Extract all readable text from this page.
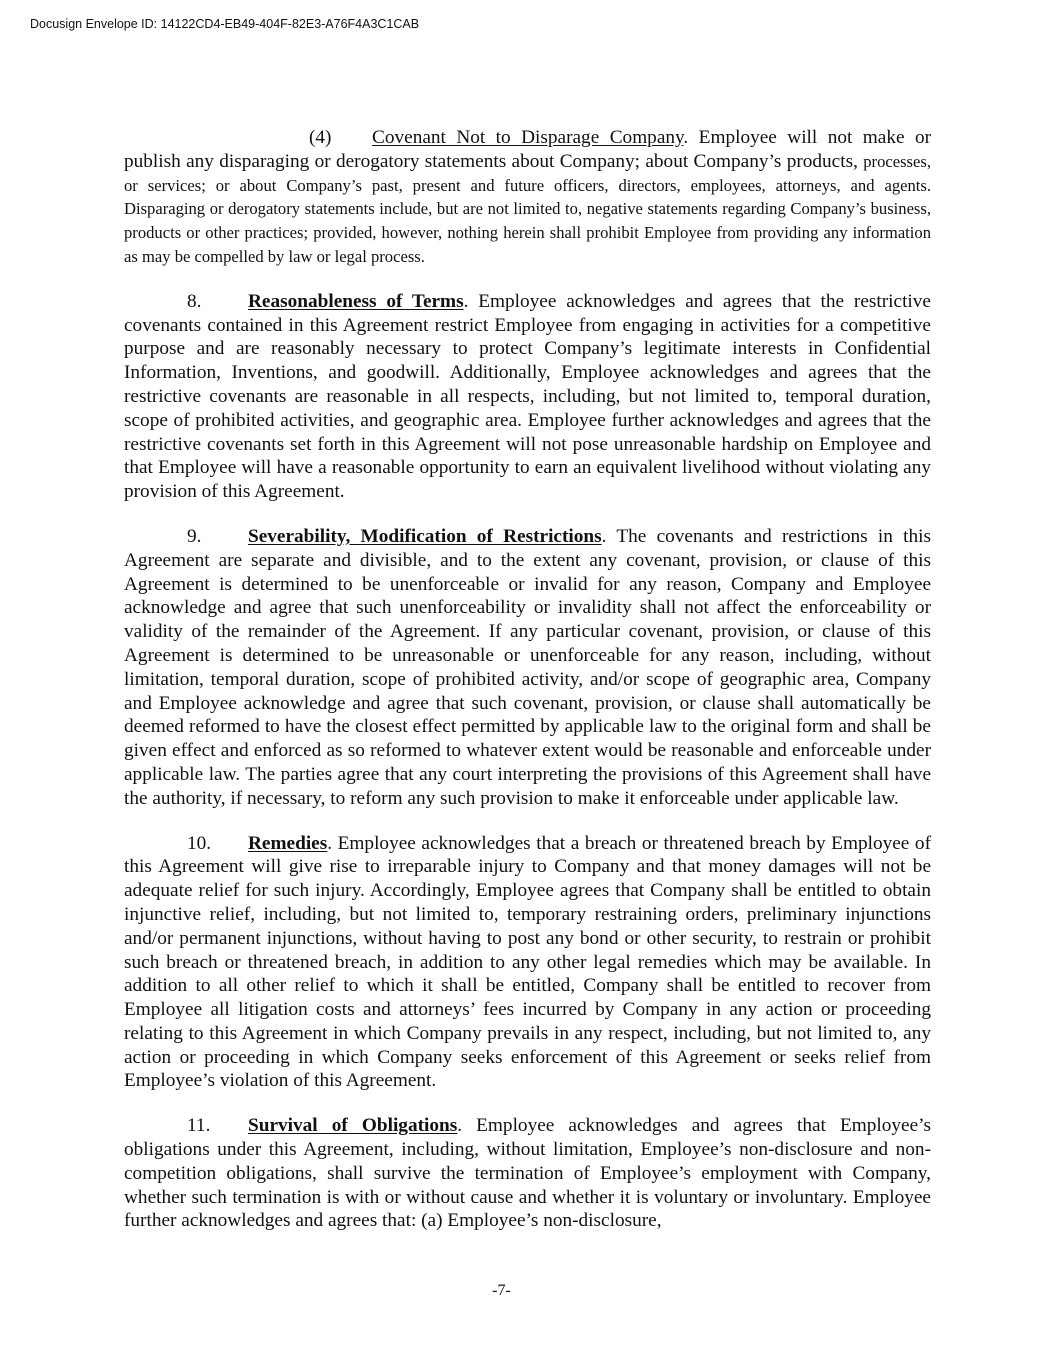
Docusign Envelope ID: 14122CD4-EB49-404F-82E3-A76F4A3C1CAB

(4) Covenant Not to Disparage Company. Employee will not make or publish any disparaging or derogatory statements about Company; about Company’s products, processes, or services; or about Company’s past, present and future officers, directors, employees, attorneys, and agents. Disparaging or derogatory statements include, but are not limited to, negative statements regarding Company’s business, products or other practices; provided, however, nothing herein shall prohibit Employee from providing any information as may be compelled by law or legal process.

8. Reasonableness of Terms. Employee acknowledges and agrees that the restrictive covenants contained in this Agreement restrict Employee from engaging in activities for a competitive purpose and are reasonably necessary to protect Company’s legitimate interests in Confidential Information, Inventions, and goodwill. Additionally, Employee acknowledges and agrees that the restrictive covenants are reasonable in all respects, including, but not limited to, temporal duration, scope of prohibited activities, and geographic area. Employee further acknowledges and agrees that the restrictive covenants set forth in this Agreement will not pose unreasonable hardship on Employee and that Employee will have a reasonable opportunity to earn an equivalent livelihood without violating any provision of this Agreement.

9. Severability, Modification of Restrictions. The covenants and restrictions in this Agreement are separate and divisible, and to the extent any covenant, provision, or clause of this Agreement is determined to be unenforceable or invalid for any reason, Company and Employee acknowledge and agree that such unenforceability or invalidity shall not affect the enforceability or validity of the remainder of the Agreement. If any particular covenant, provision, or clause of this Agreement is determined to be unreasonable or unenforceable for any reason, including, without limitation, temporal duration, scope of prohibited activity, and/or scope of geographic area, Company and Employee acknowledge and agree that such covenant, provision, or clause shall automatically be deemed reformed to have the closest effect permitted by applicable law to the original form and shall be given effect and enforced as so reformed to whatever extent would be reasonable and enforceable under applicable law. The parties agree that any court interpreting the provisions of this Agreement shall have the authority, if necessary, to reform any such provision to make it enforceable under applicable law.

10. Remedies. Employee acknowledges that a breach or threatened breach by Employee of this Agreement will give rise to irreparable injury to Company and that money damages will not be adequate relief for such injury. Accordingly, Employee agrees that Company shall be entitled to obtain injunctive relief, including, but not limited to, temporary restraining orders, preliminary injunctions and/or permanent injunctions, without having to post any bond or other security, to restrain or prohibit such breach or threatened breach, in addition to any other legal remedies which may be available. In addition to all other relief to which it shall be entitled, Company shall be entitled to recover from Employee all litigation costs and attorneys’ fees incurred by Company in any action or proceeding relating to this Agreement in which Company prevails in any respect, including, but not limited to, any action or proceeding in which Company seeks enforcement of this Agreement or seeks relief from Employee’s violation of this Agreement.

11. Survival of Obligations. Employee acknowledges and agrees that Employee’s obligations under this Agreement, including, without limitation, Employee’s non-disclosure and non-competition obligations, shall survive the termination of Employee’s employment with Company, whether such termination is with or without cause and whether it is voluntary or involuntary. Employee further acknowledges and agrees that: (a) Employee’s non-disclosure,

-7-
